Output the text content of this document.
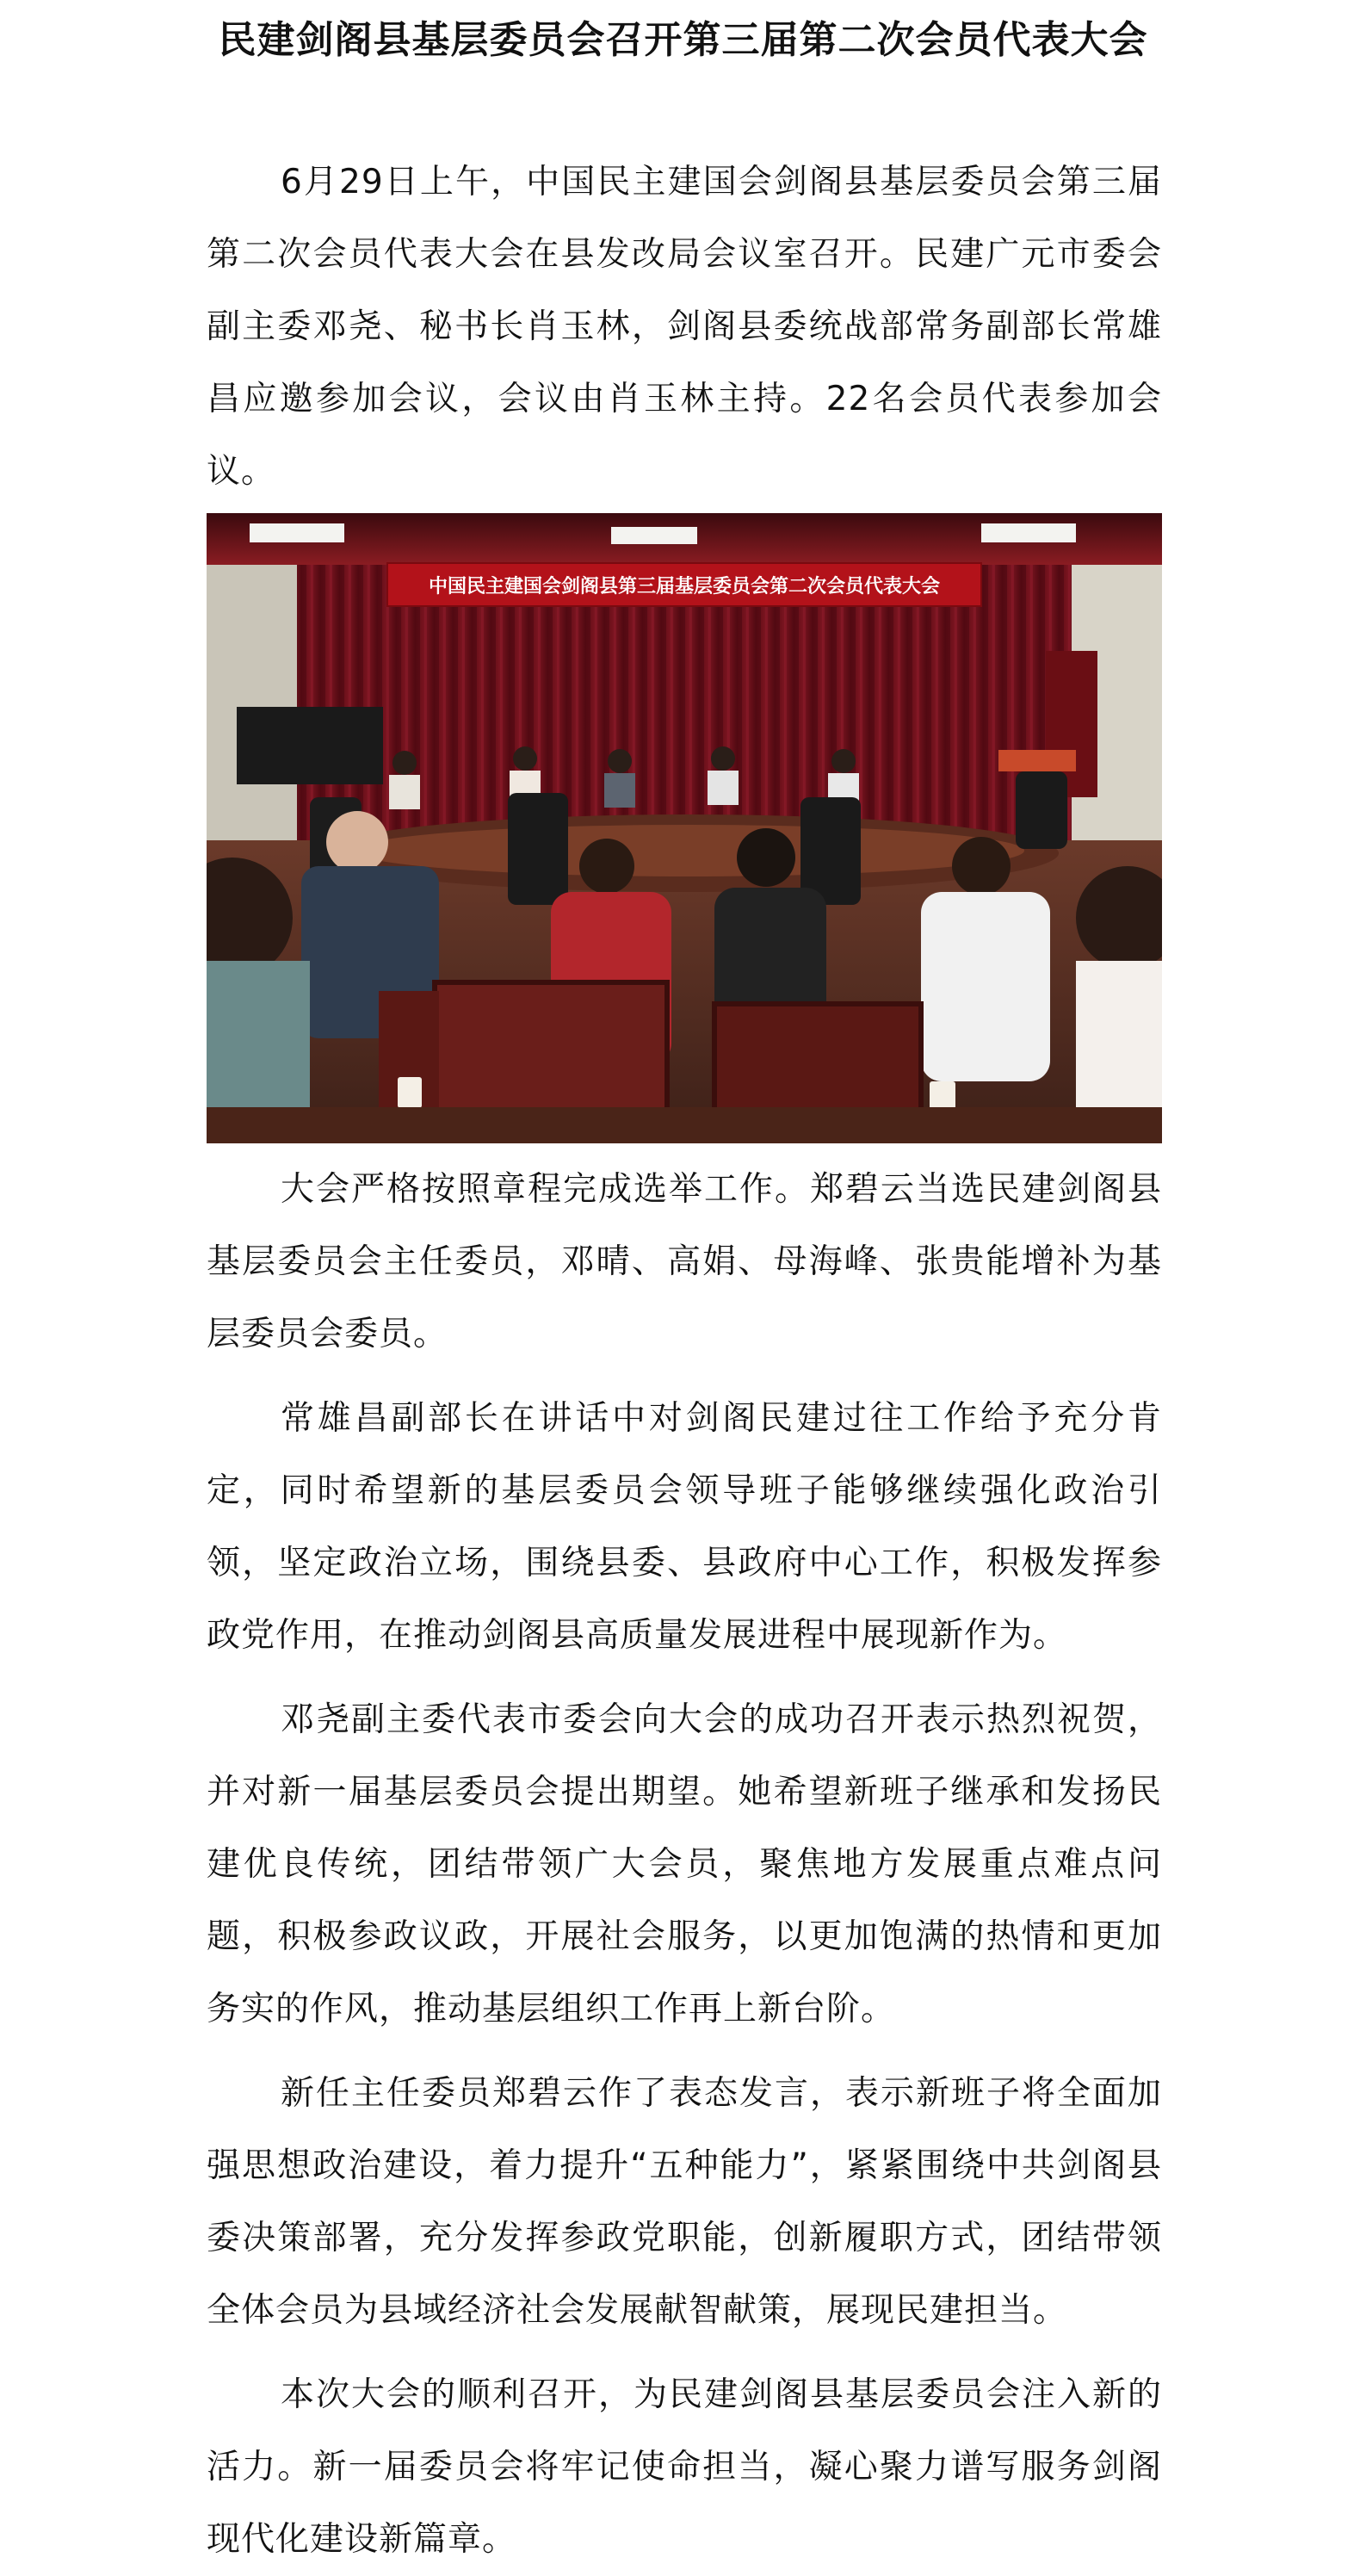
民建剑阁县基层委员会召开第三届第二次会员代表大会

6月29日上午，中国民主建国会剑阁县基层委员会第三届第二次会员代表大会在县发改局会议室召开。民建广元市委会副主委邓尧、秘书长肖玉林，剑阁县委统战部常务副部长常雄昌应邀参加会议，会议由肖玉林主持。22名会员代表参加会议。

中国民主建国会剑阁县第三届基层委员会第二次会员代表大会

大会严格按照章程完成选举工作。郑碧云当选民建剑阁县基层委员会主任委员，邓晴、高娟、母海峰、张贵能增补为基层委员会委员。

常雄昌副部长在讲话中对剑阁民建过往工作给予充分肯定，同时希望新的基层委员会领导班子能够继续强化政治引领，坚定政治立场，围绕县委、县政府中心工作，积极发挥参政党作用，在推动剑阁县高质量发展进程中展现新作为。

邓尧副主委代表市委会向大会的成功召开表示热烈祝贺，并对新一届基层委员会提出期望。她希望新班子继承和发扬民建优良传统，团结带领广大会员，聚焦地方发展重点难点问题，积极参政议政，开展社会服务，以更加饱满的热情和更加务实的作风，推动基层组织工作再上新台阶。

新任主任委员郑碧云作了表态发言，表示新班子将全面加强思想政治建设，着力提升“五种能力”，紧紧围绕中共剑阁县委决策部署，充分发挥参政党职能，创新履职方式，团结带领全体会员为县域经济社会发展献智献策，展现民建担当。

本次大会的顺利召开，为民建剑阁县基层委员会注入新的活力。新一届委员会将牢记使命担当，凝心聚力谱写服务剑阁现代化建设新篇章。
